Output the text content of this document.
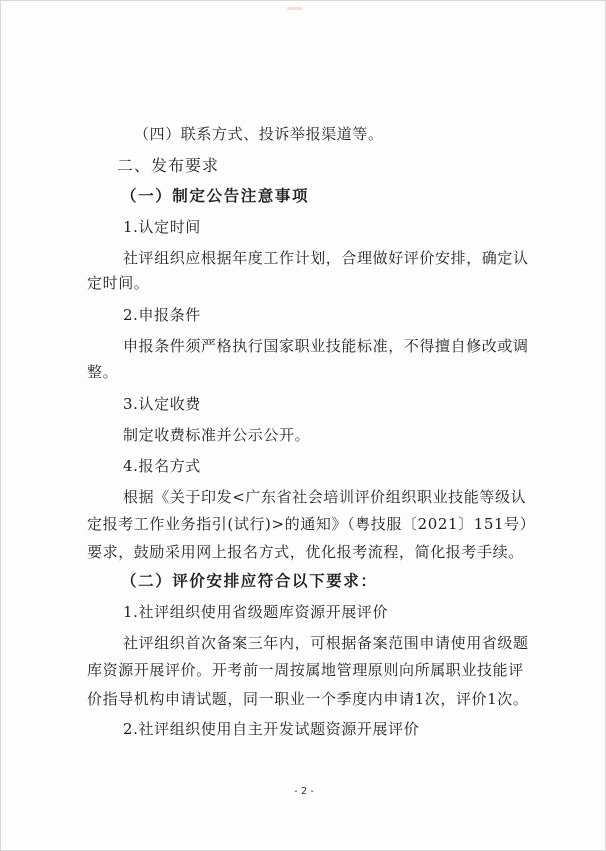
（四）联系方式、投诉举报渠道等。
二、发布要求
（一）制定公告注意事项
1.认定时间
社评组织应根据年度工作计划，合理做好评价安排，确定认
定时间。
2.申报条件
申报条件须严格执行国家职业技能标准，不得擅自修改或调
整。
3.认定收费
制定收费标准并公示公开。
4.报名方式
根据《关于印发<广东省社会培训评价组织职业技能等级认
定报考工作业务指引(试行)>的通知》（粤技服〔2021〕151号）
要求，鼓励采用网上报名方式，优化报考流程，简化报考手续。
（二）评价安排应符合以下要求：
1.社评组织使用省级题库资源开展评价
社评组织首次备案三年内，可根据备案范围申请使用省级题
库资源开展评价。开考前一周按属地管理原则向所属职业技能评
价指导机构申请试题，同一职业一个季度内申请1次，评价1次。
2.社评组织使用自主开发试题资源开展评价
- 2 -
